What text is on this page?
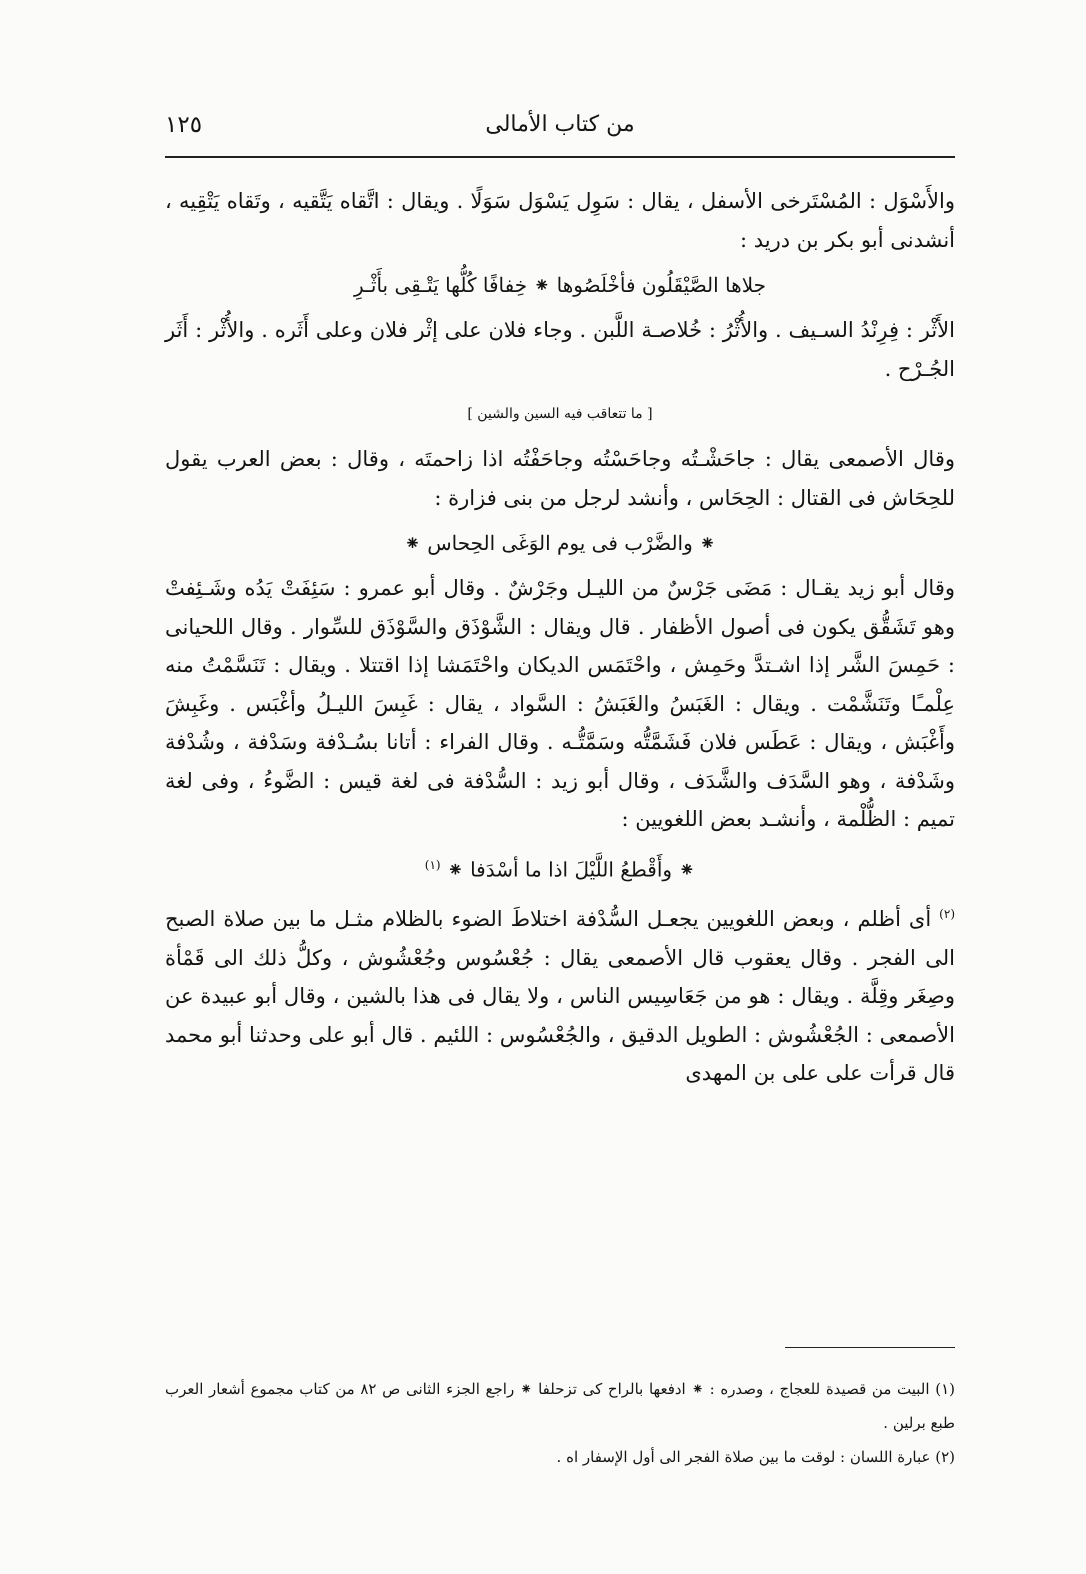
من كتاب الأمالى
١٢٥

والأَسْوَل : المُسْتَرخى الأسفل ، يقال : سَوِل يَسْوَل سَوَلًا . ويقال : اتَّقاه يَتَّقيه ، وتَقاه يَتْقِيه ، أنشدنى أبو بكر بن دريد :

جلاها الصَّيْقَلُون فأخْلَصُوها ⁕ خِفافًا كُلُّها يَتْـقِى بأَثْـرِ

الأَثْر : فِرِنْدُ السـيف . والأُثْرُ : خُلاصـة اللَّبن . وجاء فلان على إثْر فلان وعلى أَثَره . والأُثْر : أَثَر الجُـرْح .

[ ما تتعاقب فيه السين والشين ]

وقال الأصمعى يقال : جاحَشْـتُه وجاحَسْتُه وجاحَفْتُه اذا زاحمتَه ، وقال : بعض العرب يقول للحِحَاش فى القتال : الحِحَاس ، وأنشد لرجل من بنى فزارة :

⁕ والضَّرْب فى يوم الوَغَى الحِحاس ⁕

وقال أبو زيد يقـال : مَضَى جَرْسٌ من الليـل وجَرْشٌ . وقال أبو عمرو : سَئِفَتْ يَدُه وشَـئِفتْ وهو تَشَقُّق يكون فى أصول الأظفار . قال ويقال : الشَّوْذَق والسَّوْذَق للسِّوار . وقال اللحيانى : حَمِسَ الشَّر إذا اشـتدَّ وحَمِش ، واحْتَمَس الديكان واحْتَمَشا إذا اقتتلا . ويقال : تَنَسَّمْتُ منه عِلْمـًا وتَنَشَّمْت . ويقال : الغَبَسُ والغَبَشُ : السَّواد ، يقال : غَبِسَ الليـلُ وأغْبَس . وغَبِشَ وأَغْبَش ، ويقال : عَطَس فلان فَشَمَّتُّه وسَمَّتُّـه . وقال الفراء : أتانا بسُـدْفة وسَدْفة ، وشُدْفة وشَدْفة ، وهو السَّدَف والشَّدَف ، وقال أبو زيد : السُّدْفة فى لغة قيس : الضَّوءُ ، وفى لغة تميم : الظُّلْمة ، وأنشـد بعض اللغويين :

⁕ وأَقْطعُ اللَّيْلَ اذا ما أسْدَفا ⁕ $^{(١)}$

$^{(٢)}$ أى أظلم ، وبعض اللغويين يجعـل السُّدْفة اختلاطَ الضوء بالظلام مثـل ما بين صلاة الصبح الى الفجر . وقال يعقوب قال الأصمعى يقال : جُعْسُوس وجُعْشُوش ، وكلُّ ذلك الى قَمْأة وصِغَر وقِلَّة . ويقال : هو من جَعَاسِيس الناس ، ولا يقال فى هذا بالشين ، وقال أبو عبيدة عن الأصمعى : الجُعْشُوش : الطويل الدقيق ، والجُعْسُوس : اللئيم . قال أبو على وحدثنا أبو محمد قال قرأت على على بن المهدى

(١) البيت من قصيدة للعجاج ، وصدره : ⁕ ادفعها بالراح كى تزحلفا ⁕ راجع الجزء الثانى ص ٨٢ من كتاب مجموع أشعار العرب طبع برلين .

(٢) عبارة اللسان : لوقت ما بين صلاة الفجر الى أول الإسفار اه .
